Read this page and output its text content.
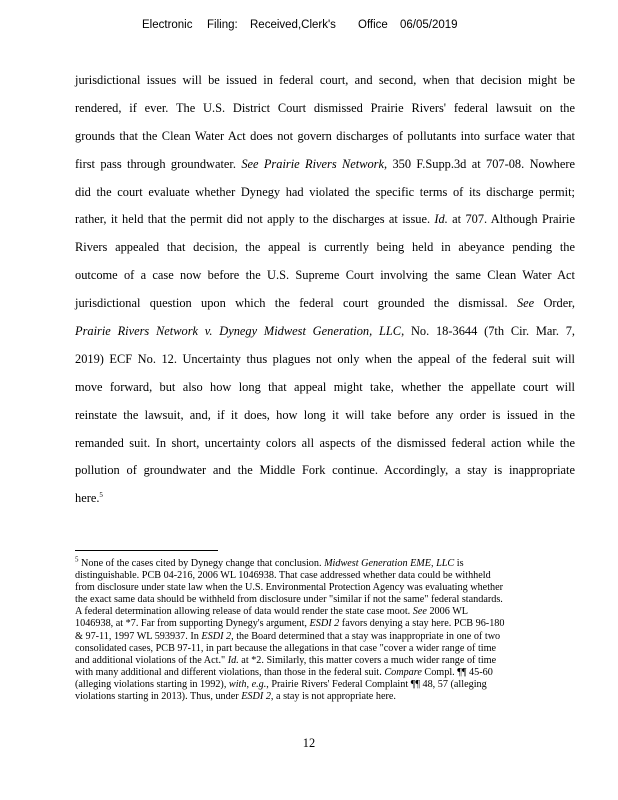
Electronic Filing: Received,Clerk's Office 06/05/2019
jurisdictional issues will be issued in federal court, and second, when that decision might be
rendered, if ever. The U.S. District Court dismissed Prairie Rivers' federal lawsuit on the
grounds that the Clean Water Act does not govern discharges of pollutants into surface water that
first pass through groundwater. See Prairie Rivers Network, 350 F.Supp.3d at 707-08. Nowhere
did the court evaluate whether Dynegy had violated the specific terms of its discharge permit;
rather, it held that the permit did not apply to the discharges at issue. Id. at 707. Although Prairie
Rivers appealed that decision, the appeal is currently being held in abeyance pending the
outcome of a case now before the U.S. Supreme Court involving the same Clean Water Act
jurisdictional question upon which the federal court grounded the dismissal. See Order,
Prairie Rivers Network v. Dynegy Midwest Generation, LLC, No. 18-3644 (7th Cir. Mar. 7,
2019) ECF No. 12. Uncertainty thus plagues not only when the appeal of the federal suit will
move forward, but also how long that appeal might take, whether the appellate court will
reinstate the lawsuit, and, if it does, how long it will take before any order is issued in the
remanded suit. In short, uncertainty colors all aspects of the dismissed federal action while the
pollution of groundwater and the Middle Fork continue. Accordingly, a stay is inappropriate
here.$^5$
$^5$ None of the cases cited by Dynegy change that conclusion. Midwest Generation EME, LLC is
distinguishable. PCB 04-216, 2006 WL 1046938. That case addressed whether data could be withheld
from disclosure under state law when the U.S. Environmental Protection Agency was evaluating whether
the exact same data should be withheld from disclosure under "similar if not the same" federal standards.
A federal determination allowing release of data would render the state case moot. See 2006 WL
1046938, at *7. Far from supporting Dynegy's argument, ESDI 2 favors denying a stay here. PCB 96-180
& 97-11, 1997 WL 593937. In ESDI 2, the Board determined that a stay was inappropriate in one of two
consolidated cases, PCB 97-11, in part because the allegations in that case "cover a wider range of time
and additional violations of the Act." Id. at *2. Similarly, this matter covers a much wider range of time
with many additional and different violations, than those in the federal suit. Compare Compl. ¶¶ 45-60
(alleging violations starting in 1992), with, e.g., Prairie Rivers' Federal Complaint ¶¶ 48, 57 (alleging
violations starting in 2013). Thus, under ESDI 2, a stay is not appropriate here.
12
